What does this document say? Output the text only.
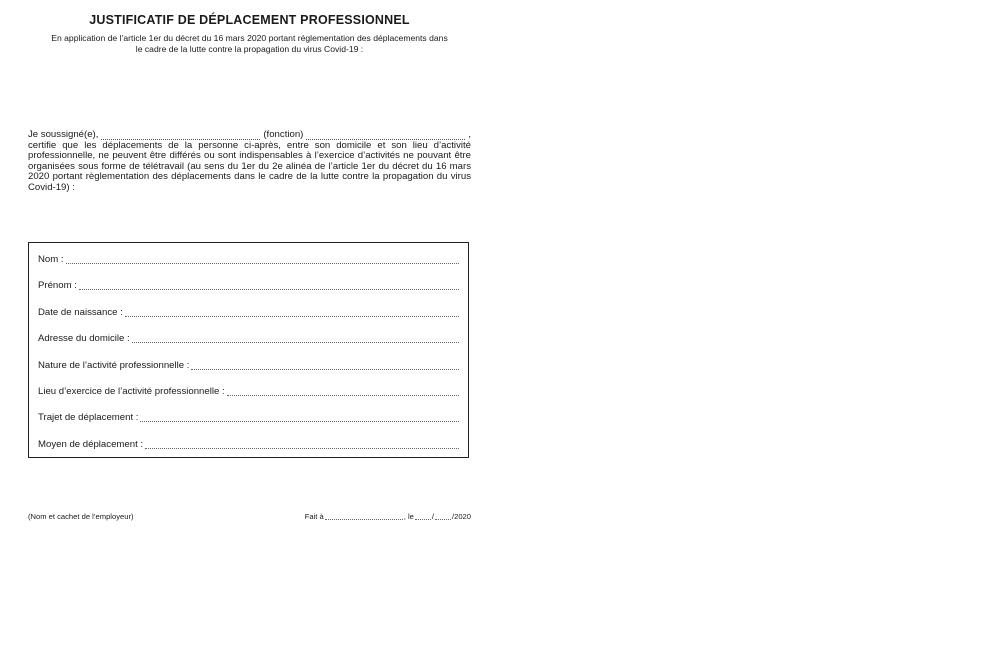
JUSTIFICATIF DE DÉPLACEMENT PROFESSIONNEL
En application de l’article 1er du décret du 16 mars 2020 portant réglementation des déplacements dans le cadre de la lutte contre la propagation du virus Covid-19 :
Je soussigné(e),	(fonction)	,

certifie que les déplacements de la personne ci-après, entre son domicile et son lieu d’activité professionnelle, ne peuvent être différés ou sont indispensables à l’exercice d’activités ne pouvant être organisées sous forme de télétravail (au sens du 1er du 2e alinéa de l’article 1er du décret du 16 mars 2020 portant règlementation des déplacements dans le cadre de la lutte contre la propagation du virus Covid-19) :

Nom :
Prénom :
Date de naissance :
Adresse du domicile :
Nature de l’activité professionnelle :
Lieu d’exercice de l’activité professionnelle :
Trajet de déplacement :
Moyen de déplacement :
(Nom et cachet de l’employeur)	Fait à	, le / /2020
